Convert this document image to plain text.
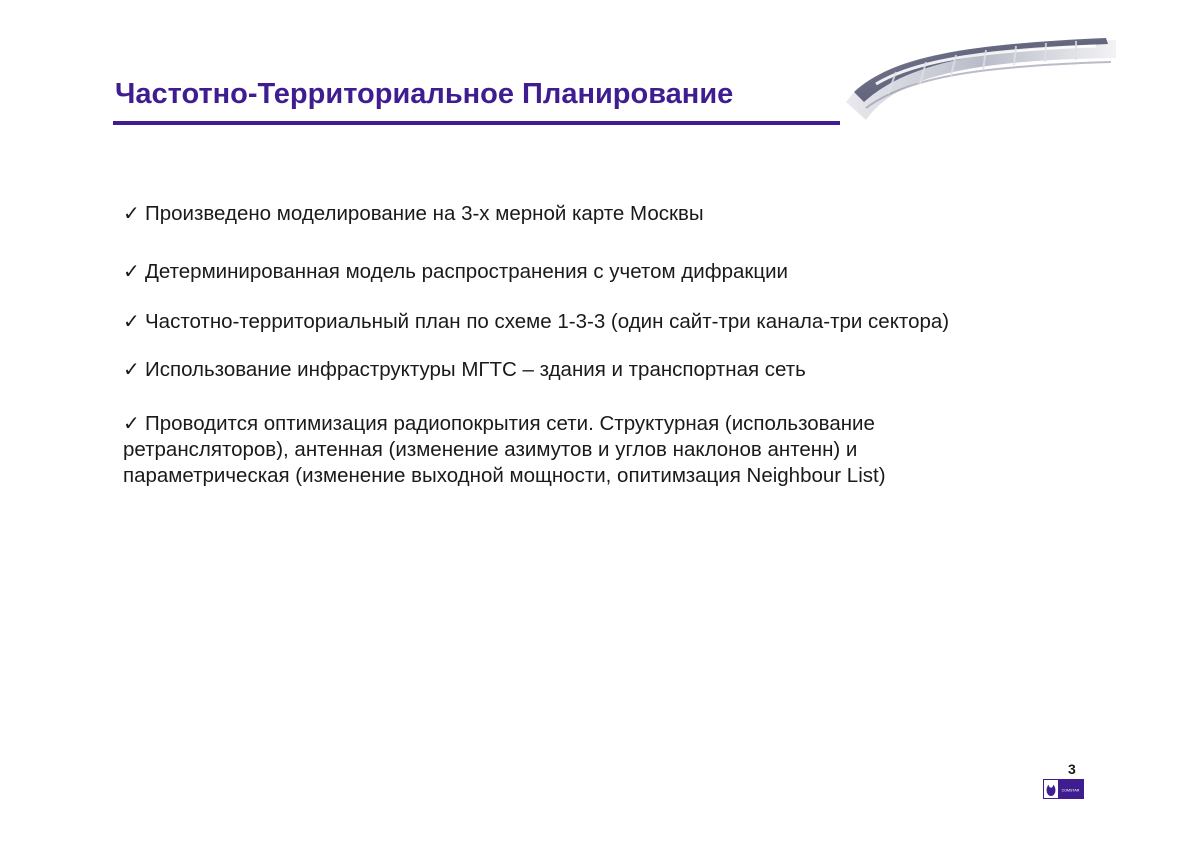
Частотно-Территориальное Планирование
✓ Произведено моделирование на 3-х мерной карте Москвы
✓ Детерминированная модель распространения с учетом дифракции
✓ Частотно-территориальный план по схеме 1-3-3 (один сайт-три канала-три сектора)
✓ Использование инфраструктуры МГТС – здания и транспортная сеть
✓ Проводится оптимизация радиопокрытия сети. Структурная (использование
ретрансляторов), антенная (изменение азимутов и углов наклонов антенн) и
параметрическая (изменение выходной мощности, опитимзация Neighbour List)
3
COMSTAR
